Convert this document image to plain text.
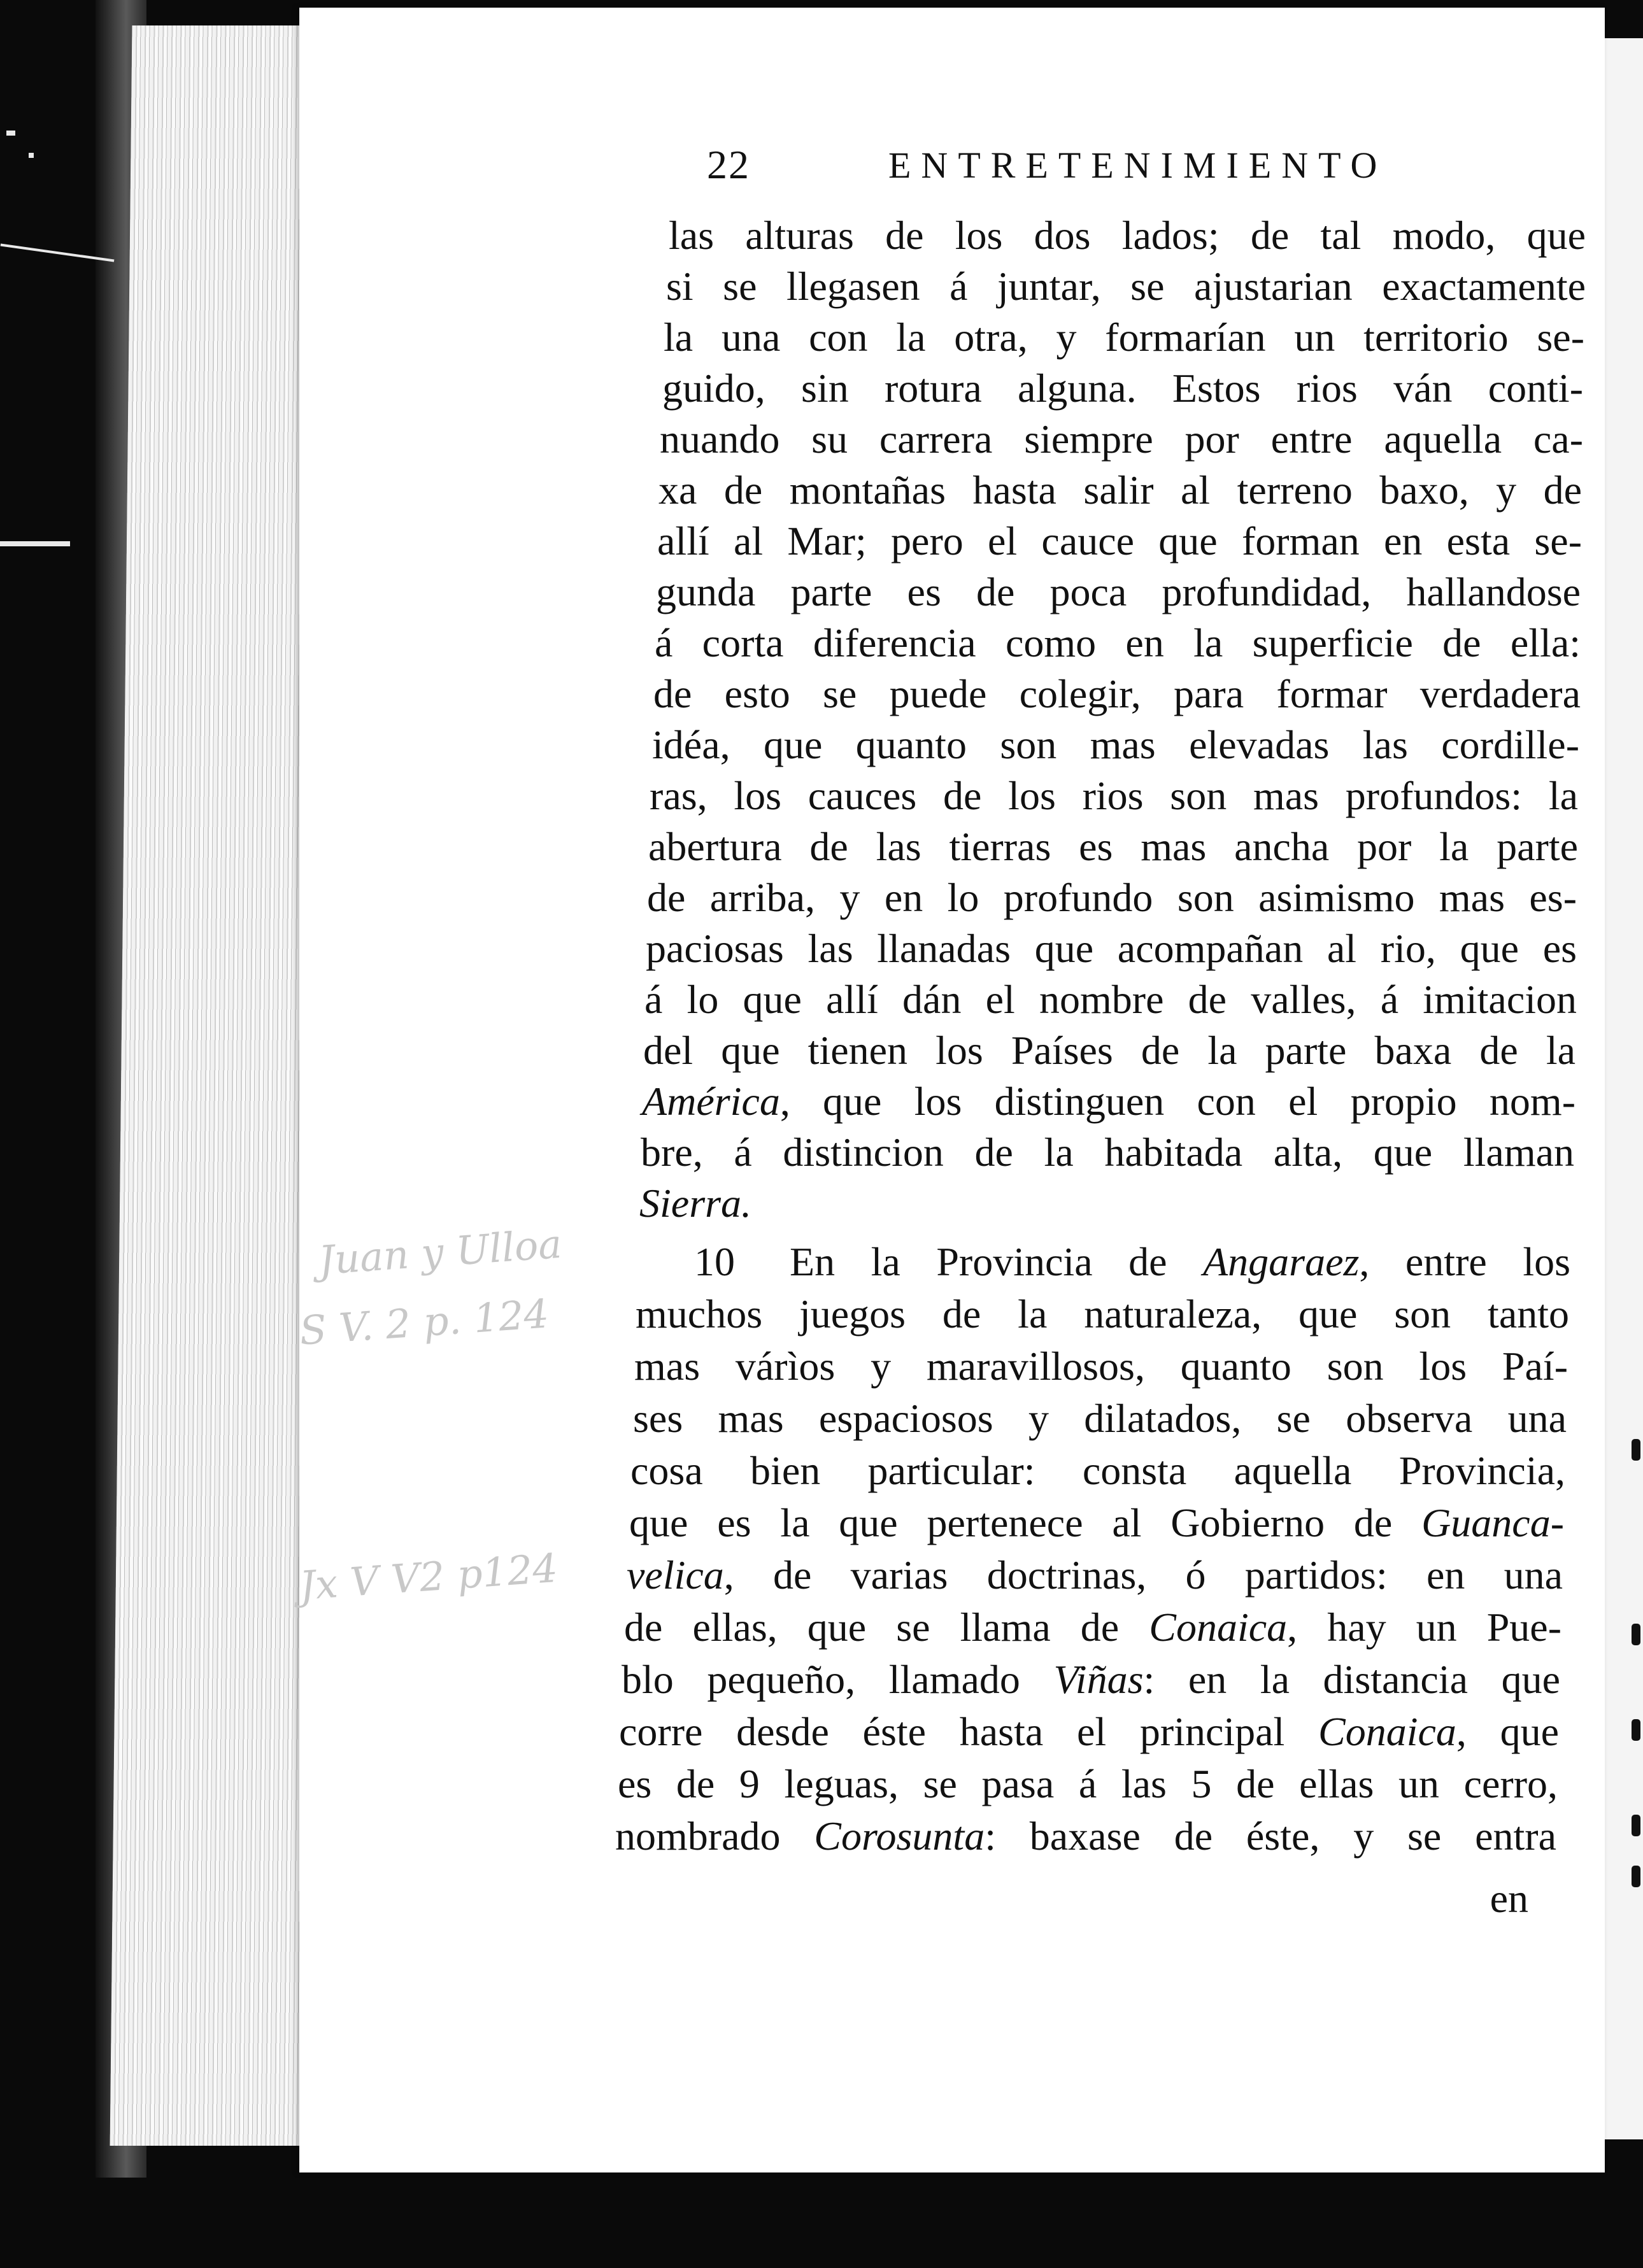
22	ENTRETENIMIENTO
Juan y Ulloa
S V. 2 p. 124
Jx V V2 p124
las alturas de los dos lados; de tal modo, que
si se llegasen á juntar, se ajustarian exactamente
la una con la otra, y formarían un territorio se-
guido, sin rotura alguna. Estos rios ván conti-
nuando su carrera siempre por entre aquella ca-
xa de montañas hasta salir al terreno baxo, y de
allí al Mar; pero el cauce que forman en esta se-
gunda parte es de poca profundidad, hallandose
á corta diferencia como en la superficie de ella:
de esto se puede colegir, para formar verdadera
idéa, que quanto son mas elevadas las cordille-
ras, los cauces de los rios son mas profundos: la
abertura de las tierras es mas ancha por la parte
de arriba, y en lo profundo son asimismo mas es-
paciosas las llanadas que acompañan al rio, que es
á lo que allí dán el nombre de valles, á imitacion
del que tienen los Países de la parte baxa de la
América, que los distinguen con el propio nom-
bre, á distincion de la habitada alta, que llaman
Sierra.
10 En la Provincia de Angaraez, entre los
muchos juegos de la naturaleza, que son tanto
mas várìos y maravillosos, quanto son los Paí-
ses mas espaciosos y dilatados, se observa una
cosa bien particular: consta aquella Provincia,
que es la que pertenece al Gobierno de Guanca-
velica, de varias doctrinas, ó partidos: en una
de ellas, que se llama de Conaica, hay un Pue-
blo pequeño, llamado Viñas: en la distancia que
corre desde éste hasta el principal Conaica, que
es de 9 leguas, se pasa á las 5 de ellas un cerro,
nombrado Corosunta: baxase de éste, y se entra
en
